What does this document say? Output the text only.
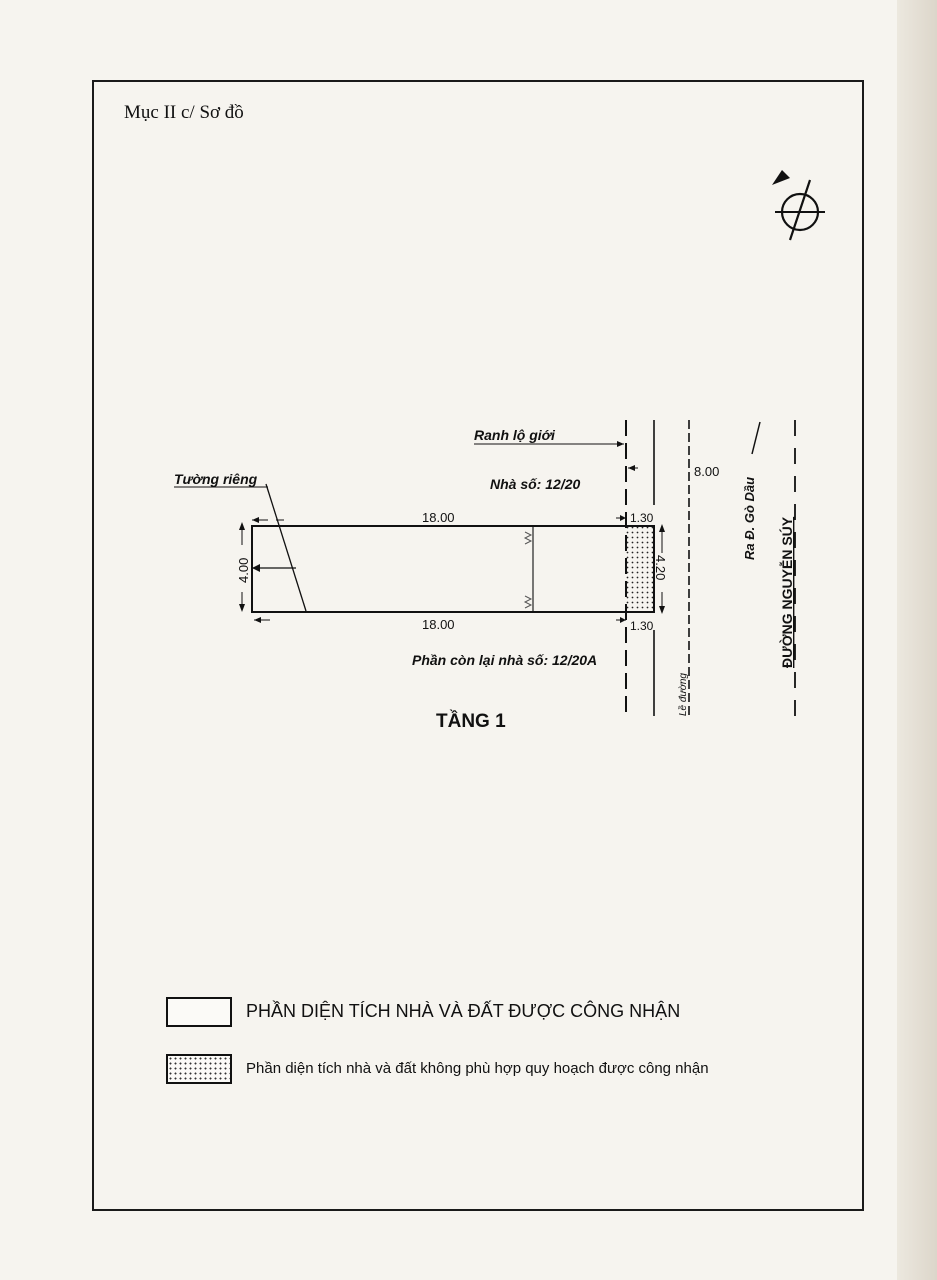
Mục II c/ Sơ đồ
Tường riêng
18.00
18.00
4.00
1.30
1.30
4.20
Ranh lộ giới
Nhà số: 12/20
Lề đường
8.00
Ra Đ. Gò Dầu ĐƯỜNG NGUYỄN SÚY
Phần còn lại nhà số: 12/20A
TẦNG 1
PHẦN DIỆN TÍCH NHÀ VÀ ĐẤT ĐƯỢC CÔNG NHẬN
Phần diện tích nhà và đất không phù hợp quy hoạch được công nhận
